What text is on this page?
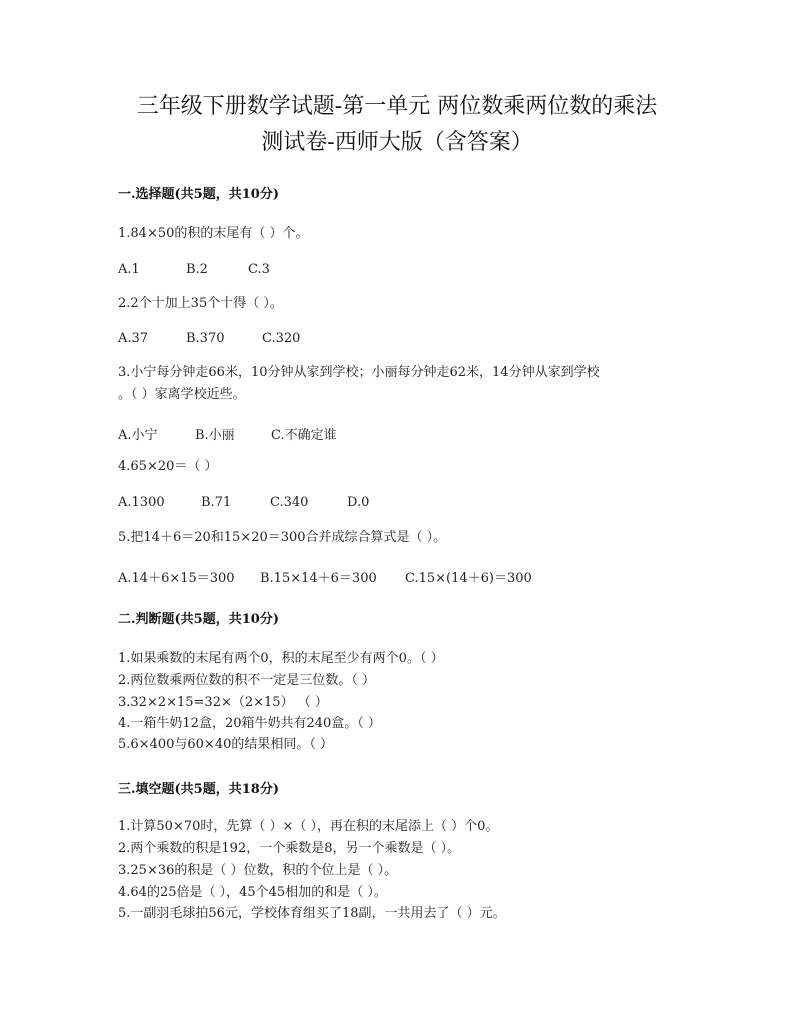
三年级下册数学试题-第一单元 两位数乘两位数的乘法
测试卷-西师大版（含答案）
一.选择题(共5题，共10分)
1.84×50的积的末尾有（ ）个。
A.1	B.2	C.3
2.2个十加上35个十得（ ）。
A.37	B.370	C.320
3.小宁每分钟走66米，10分钟从家到学校；小丽每分钟走62米，14分钟从家到学校
。（ ）家离学校近些。
A.小宁	B.小丽	C.不确定谁
4.65×20＝（ ）
A.1300	B.71	C.340	D.0
5.把14＋6＝20和15×20＝300合并成综合算式是（ ）。
A.14＋6×15＝300 B.15×14＋6＝300 C.15×(14＋6)＝300
二.判断题(共5题，共10分)
1.如果乘数的末尾有两个0，积的末尾至少有两个0。（ ）
2.两位数乘两位数的积不一定是三位数。（ ）
3.32×2×15=32×（2×15） （ ）
4.一箱牛奶12盒，20箱牛奶共有240盒。（ ）
5.6×400与60×40的结果相同。（ ）
三.填空题(共5题，共18分)
1.计算50×70时，先算（ ）×（ ），再在积的末尾添上（ ）个0。
2.两个乘数的积是192，一个乘数是8，另一个乘数是（ ）。
3.25×36的积是（ ）位数，积的个位上是（ ）。
4.64的25倍是（ ），45个45相加的和是（ ）。
5.一副羽毛球拍56元，学校体育组买了18副，一共用去了（ ）元。
